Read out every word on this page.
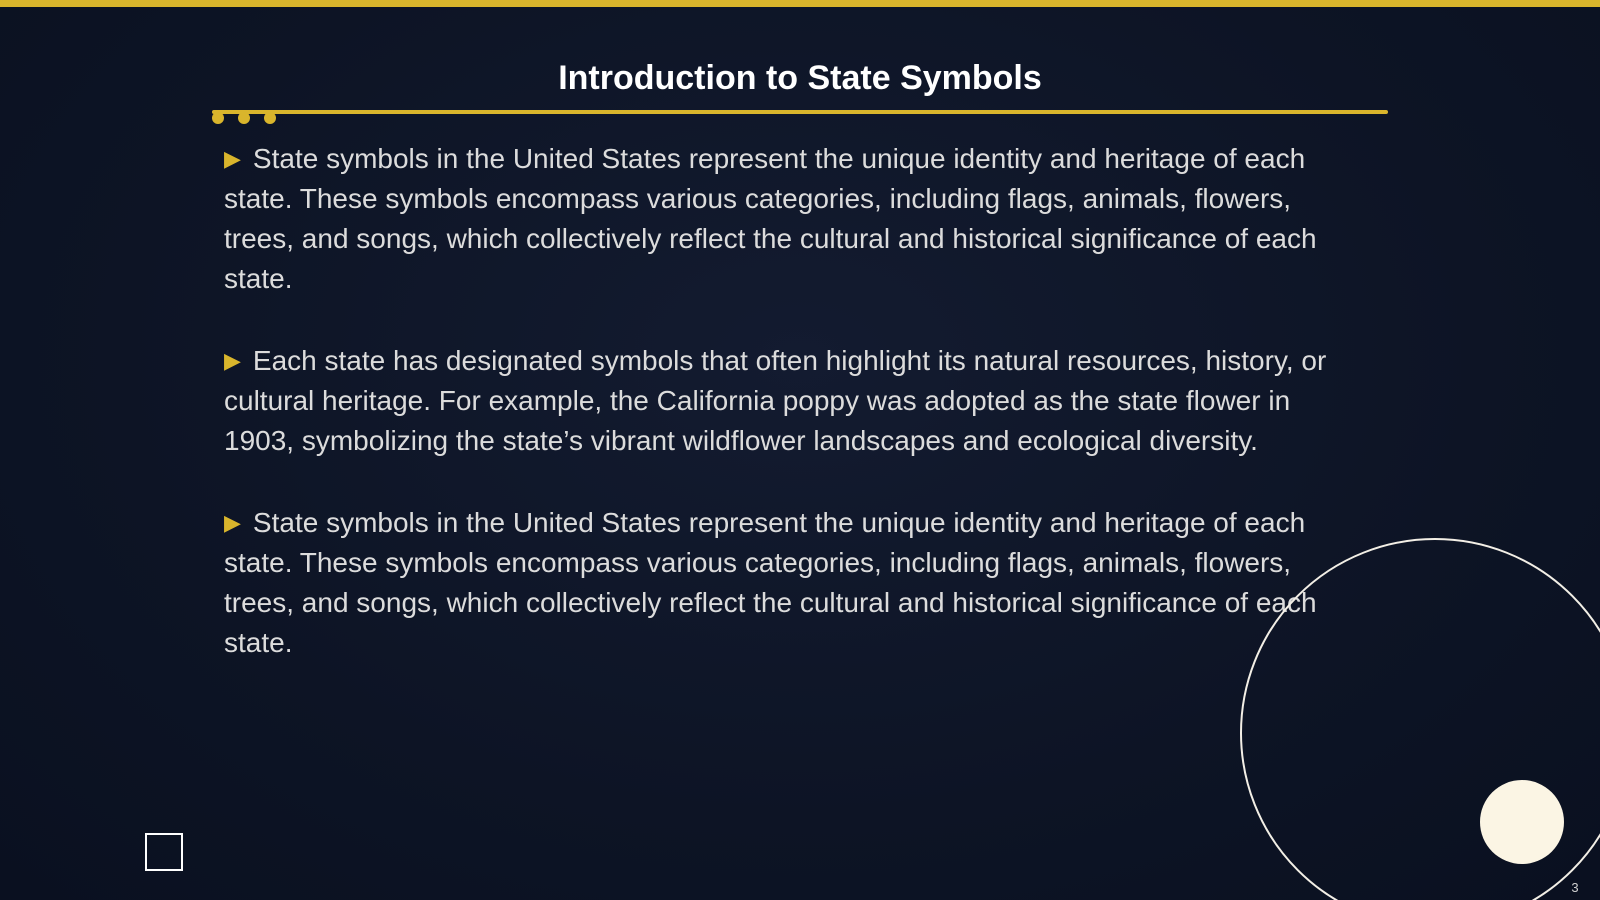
Introduction to State Symbols
▶ State symbols in the United States represent the unique identity and heritage of each state. These symbols encompass various categories, including flags, animals, flowers, trees, and songs, which collectively reflect the cultural and historical significance of each state.
▶ Each state has designated symbols that often highlight its natural resources, history, or cultural heritage. For example, the California poppy was adopted as the state flower in 1903, symbolizing the state’s vibrant wildflower landscapes and ecological diversity.
▶ State symbols in the United States represent the unique identity and heritage of each state. These symbols encompass various categories, including flags, animals, flowers, trees, and songs, which collectively reflect the cultural and historical significance of each state.
3
